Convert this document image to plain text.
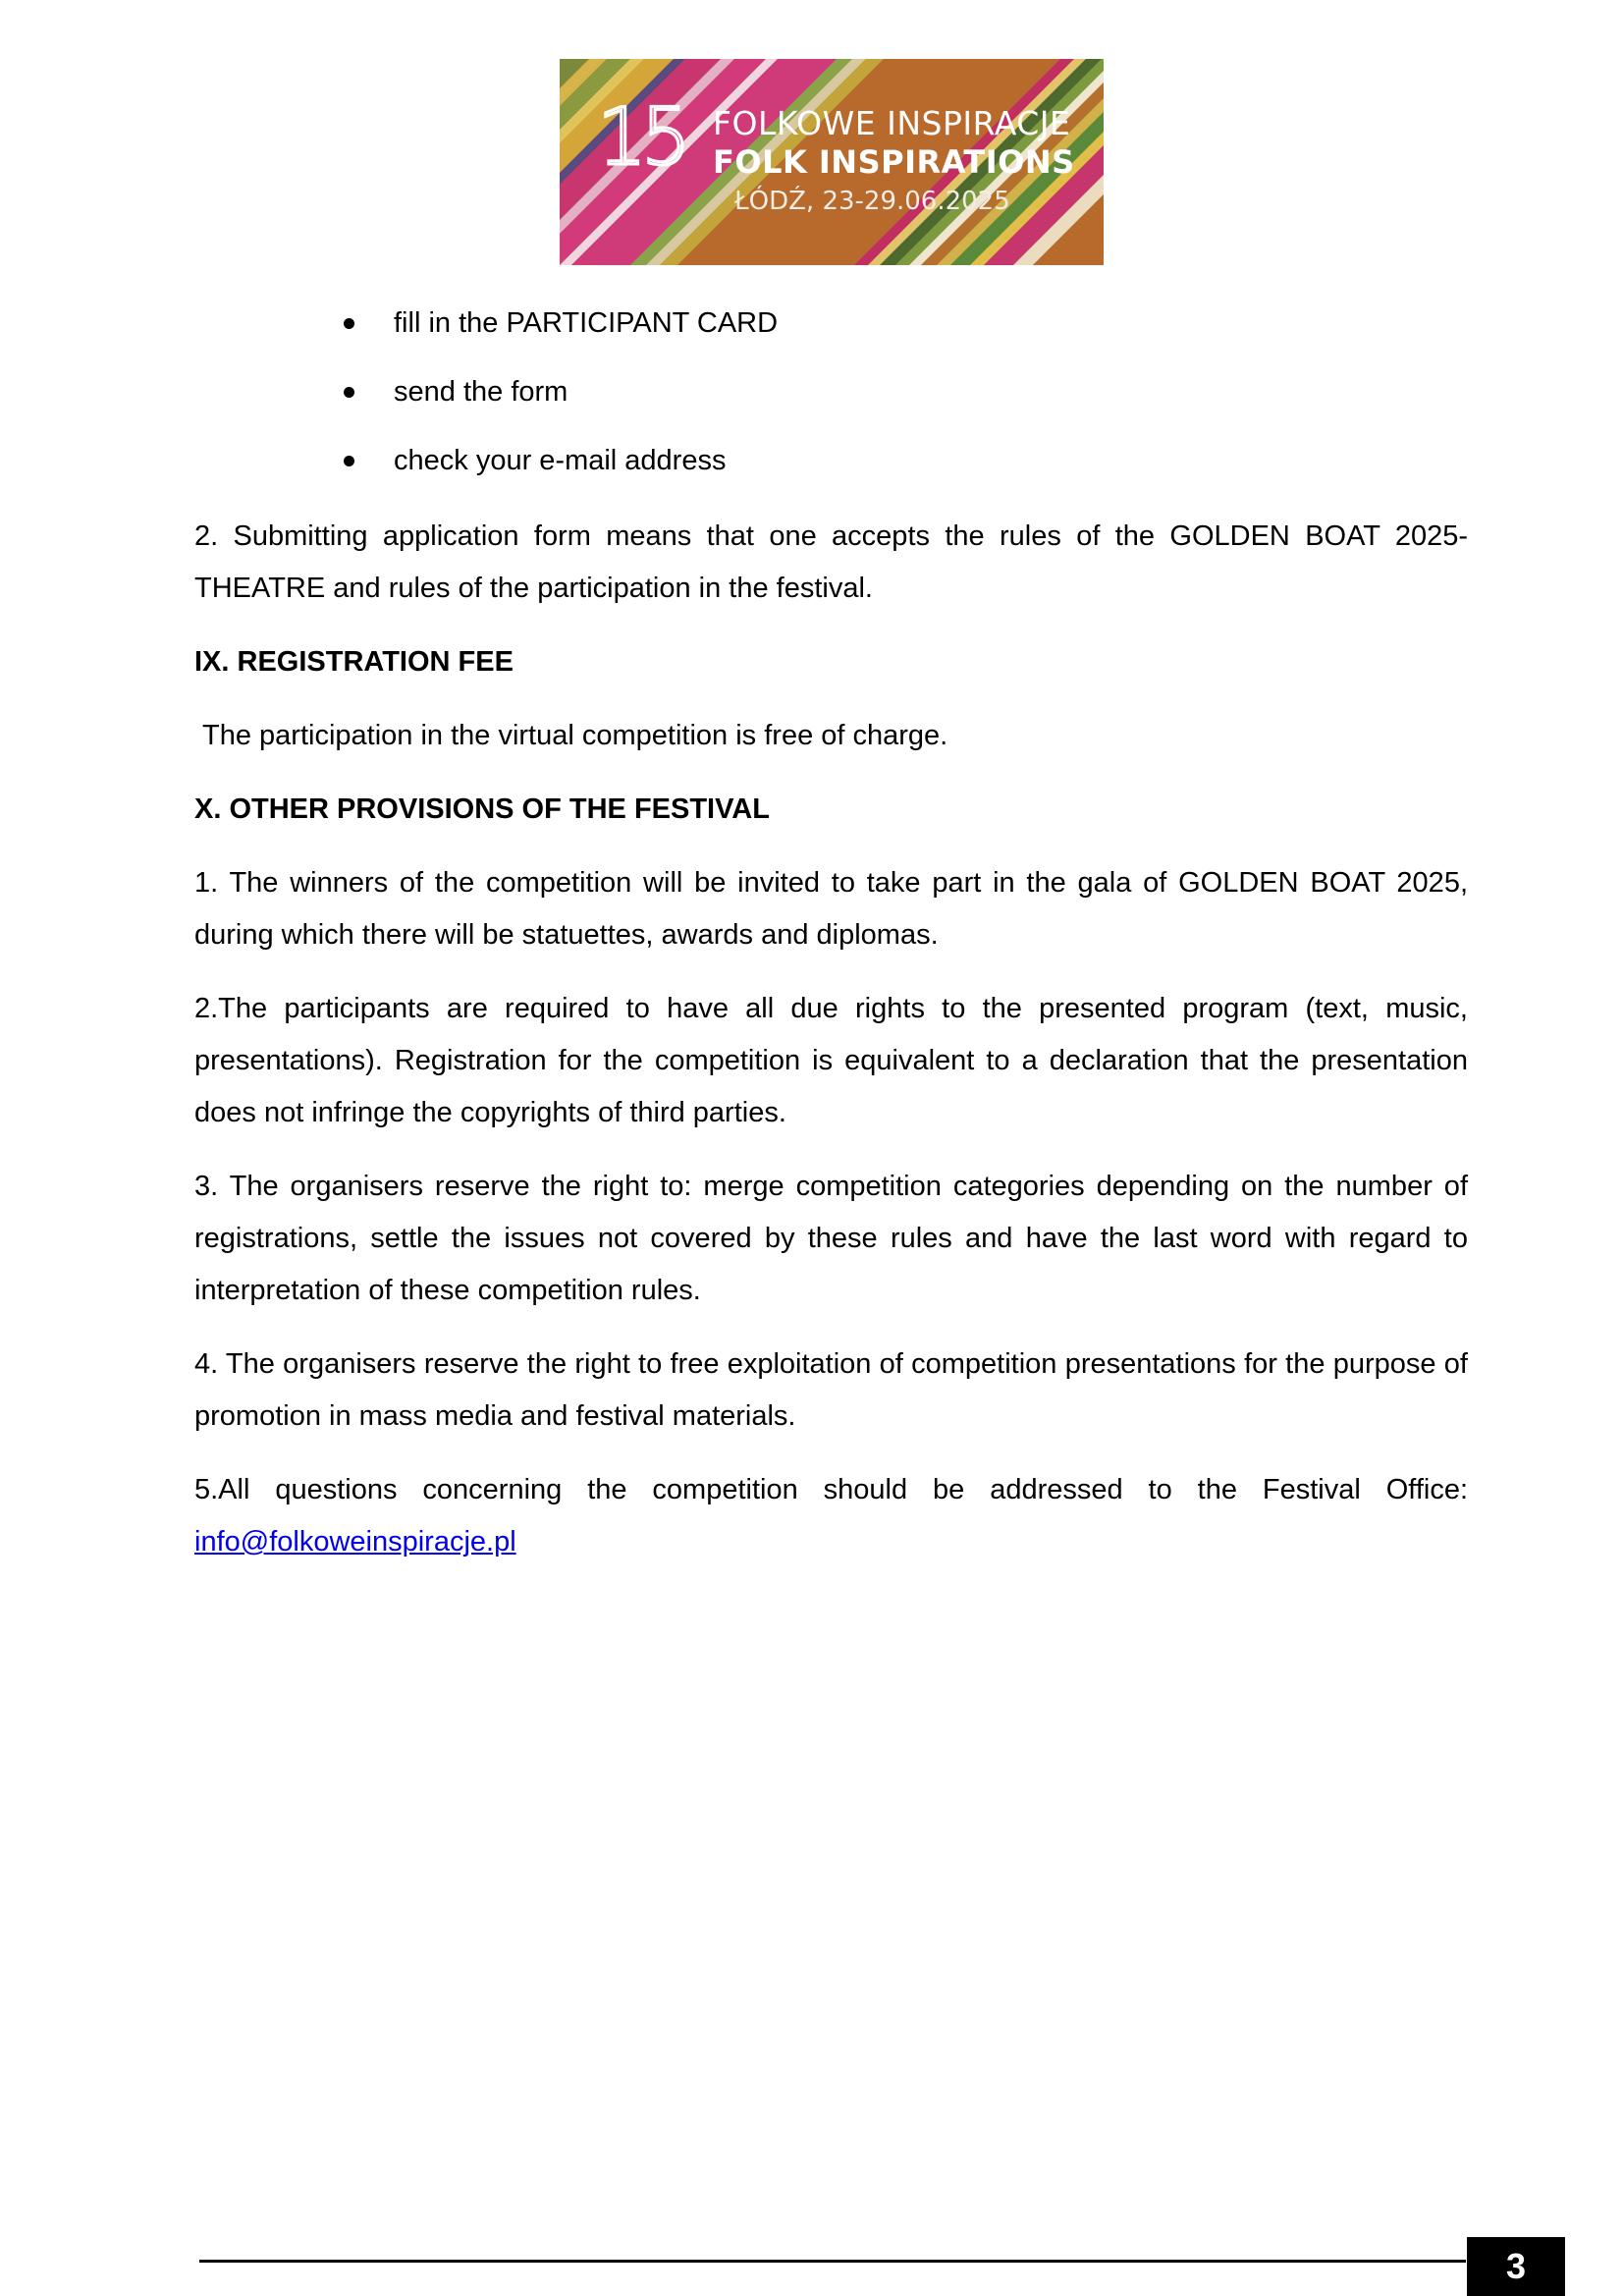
15 FOLKOWE INSPIRACJE
FOLK INSPIRATIONS
ŁÓDŹ, 23-29.06.2025
fill in the PARTICIPANT CARD
send the form
check your e-mail address

2. Submitting application form means that one accepts the rules of the GOLDEN BOAT 2025- THEATRE and rules of the participation in the festival.

IX. REGISTRATION FEE

The participation in the virtual competition is free of charge.

X. OTHER PROVISIONS OF THE FESTIVAL

1. The winners of the competition will be invited to take part in the gala of GOLDEN BOAT 2025, during which there will be statuettes, awards and diplomas.

2.The participants are required to have all due rights to the presented program (text, music, presentations). Registration for the competition is equivalent to a declaration that the presentation does not infringe the copyrights of third parties.

3. The organisers reserve the right to: merge competition categories depending on the number of registrations, settle the issues not covered by these rules and have the last word with regard to interpretation of these competition rules.

4. The organisers reserve the right to free exploitation of competition presentations for the purpose of promotion in mass media and festival materials.

5.All questions concerning the competition should be addressed to the Festival Office: info@folkoweinspiracje.pl

3
